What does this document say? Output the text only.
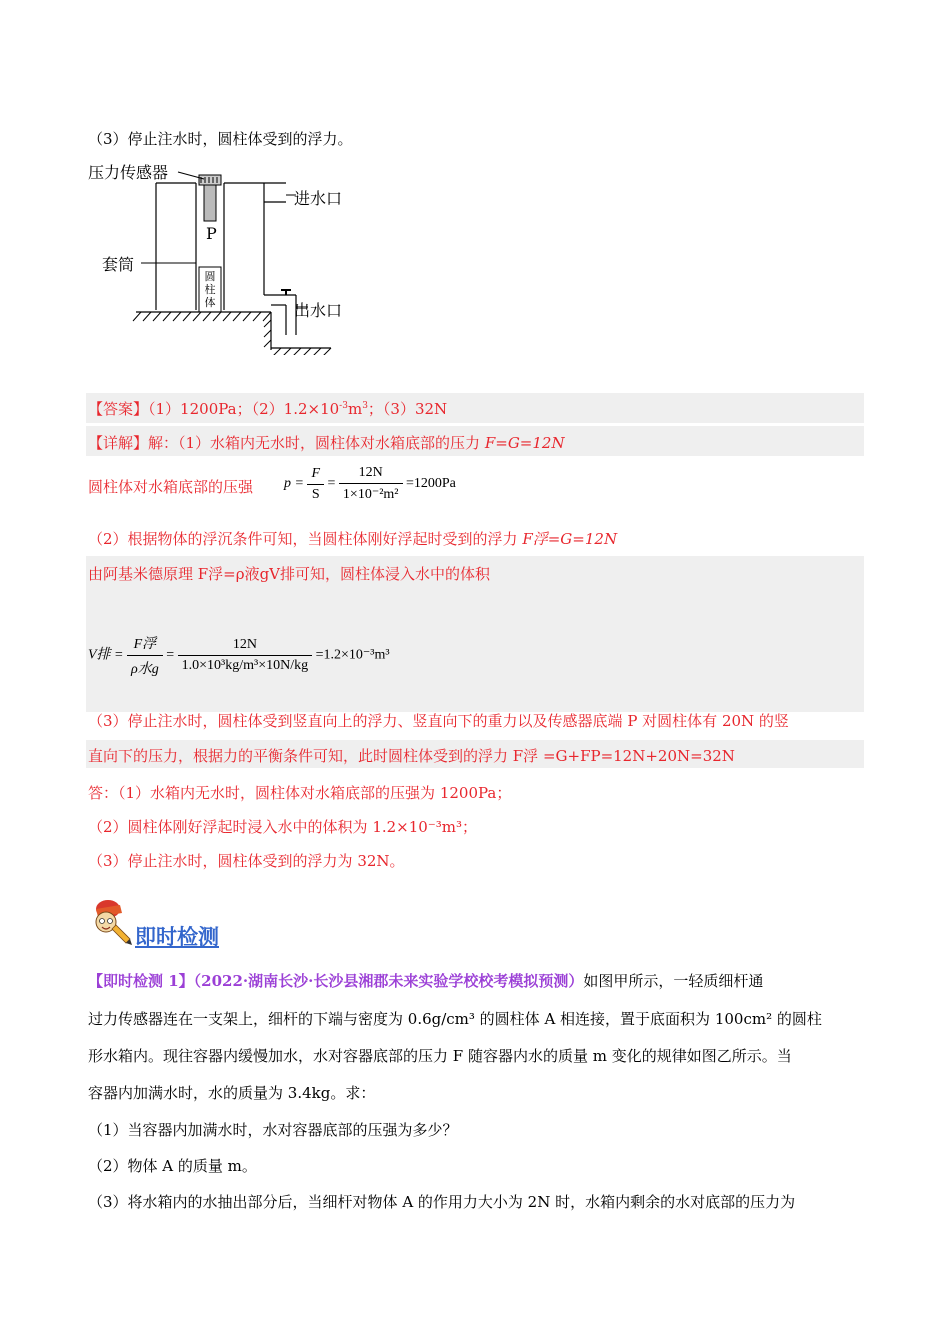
（3）停止注水时，圆柱体受到的浮力。
压力传感器
进水口
P
套筒
圆柱体	出水口
【答案】（1）1200Pa；$(2)1.2\times 10^{-3}m^3$；（3）32N
【详解】解：（1）水箱内无水时，圆柱体对水箱底部的压力 F=G=12N
圆柱体对水箱底部的压强 $p = \frac{F}{S} = \frac{12N}{\text{1×10⁻²m²}} =1200Pa$
（2）根据物体的浮沉条件可知，当圆柱体刚好浮起时受到的浮力 F浮=G=12N
由阿基米德原理 F浮=ρ液gV排可知，圆柱体浸入水中的体积
V排 = $\frac{\text{F浮}}{\text{ρ水g}} = \frac{12N}{\text{1.0×10³kg/m³×10N/kg}} =1.2\times 10^{-3}m^3$
（3）停止注水时，圆柱体受到竖直向上的浮力、竖直向下的重力以及传感器底端 P 对圆柱体有 20N 的竖
直向下的压力，根据力的平衡条件可知，此时圆柱体受到的浮力 F浮 =G+FP=12N+20N=32N
答：（1）水箱内无水时，圆柱体对水箱底部的压强为 1200Pa；
（2）圆柱体刚好浮起时浸入水中的体积为 1.2×10⁻³m³；
（3）停止注水时，圆柱体受到的浮力为 32N。
即时检测
【即时检测 1】（2022·湖南长沙·长沙县湘郡未来实验学校校考模拟预测）如图甲所示，一轻质细杆通
过力传感器连在一支架上，细杆的下端与密度为 0.6g/cm³ 的圆柱体 A 相连接，置于底面积为 100cm² 的圆柱
形水箱内。现往容器内缓慢加水，水对容器底部的压力 F 随容器内水的质量 m 变化的规律如图乙所示。当
容器内加满水时，水的质量为 3.4kg。求：
（1）当容器内加满水时，水对容器底部的压强为多少？
（2）物体 A 的质量 m。
（3）将水箱内的水抽出部分后，当细杆对物体 A 的作用力大小为 2N 时，水箱内剩余的水对底部的压力为
